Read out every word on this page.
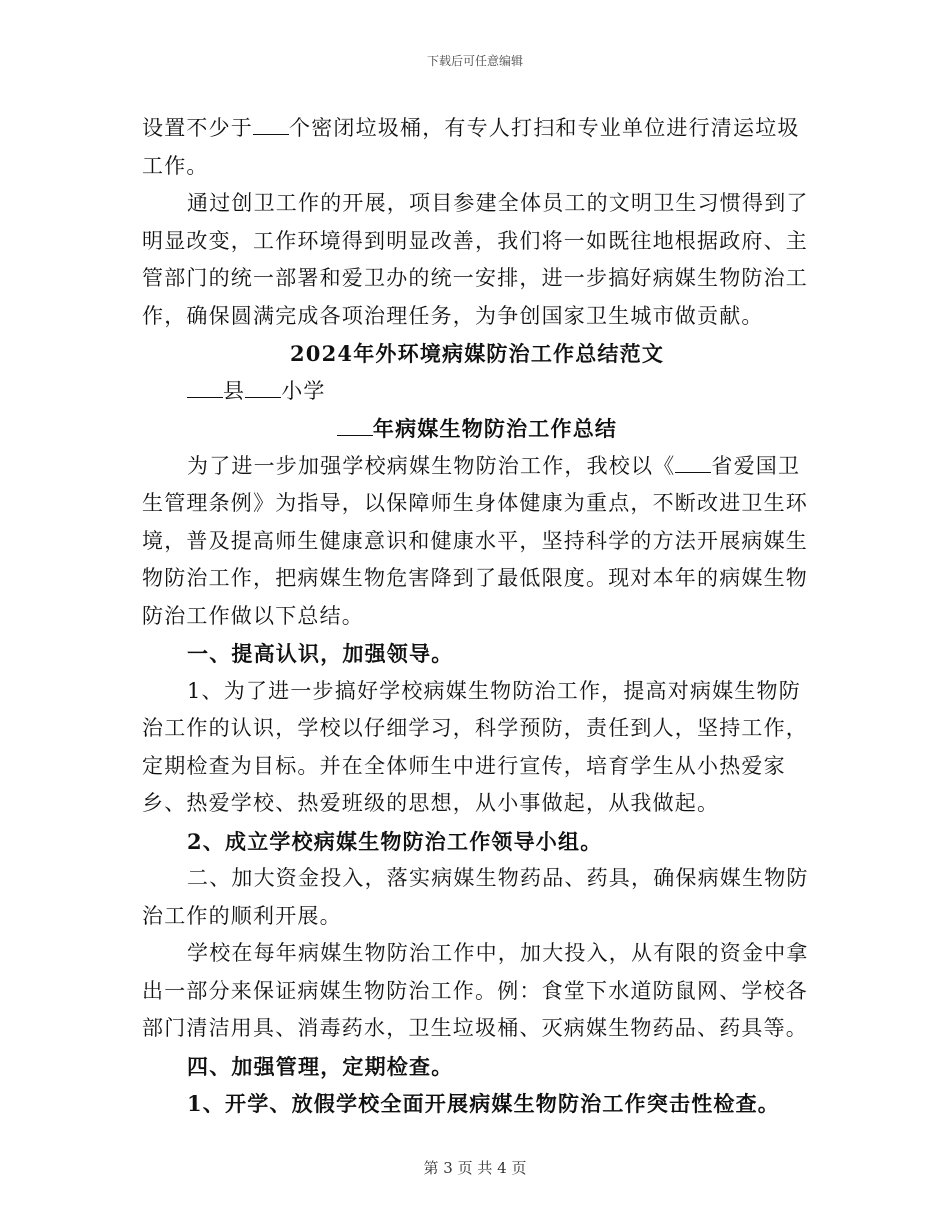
下载后可任意编辑

设置不少于 个密闭垃圾桶，有专人打扫和专业单位进行清运垃圾工作。

通过创卫工作的开展，项目参建全体员工的文明卫生习惯得到了明显改变，工作环境得到明显改善，我们将一如既往地根据政府、主管部门的统一部署和爱卫办的统一安排，进一步搞好病媒生物防治工作，确保圆满完成各项治理任务，为争创国家卫生城市做贡献。

2024年外环境病媒防治工作总结范文

县 小学

年病媒生物防治工作总结

为了进一步加强学校病媒生物防治工作，我校以《 省爱国卫生管理条例》为指导，以保障师生身体健康为重点，不断改进卫生环境，普及提高师生健康意识和健康水平，坚持科学的方法开展病媒生物防治工作，把病媒生物危害降到了最低限度。现对本年的病媒生物防治工作做以下总结。

一、提高认识，加强领导。

1、为了进一步搞好学校病媒生物防治工作，提高对病媒生物防治工作的认识，学校以仔细学习，科学预防，责任到人，坚持工作，定期检查为目标。并在全体师生中进行宣传，培育学生从小热爱家乡、热爱学校、热爱班级的思想，从小事做起，从我做起。

2、成立学校病媒生物防治工作领导小组。

二、加大资金投入，落实病媒生物药品、药具，确保病媒生物防治工作的顺利开展。

学校在每年病媒生物防治工作中，加大投入，从有限的资金中拿出一部分来保证病媒生物防治工作。例：食堂下水道防鼠网、学校各部门清洁用具、消毒药水，卫生垃圾桶、灭病媒生物药品、药具等。

四、加强管理，定期检查。

1、开学、放假学校全面开展病媒生物防治工作突击性检查。

第 3 页 共 4 页
